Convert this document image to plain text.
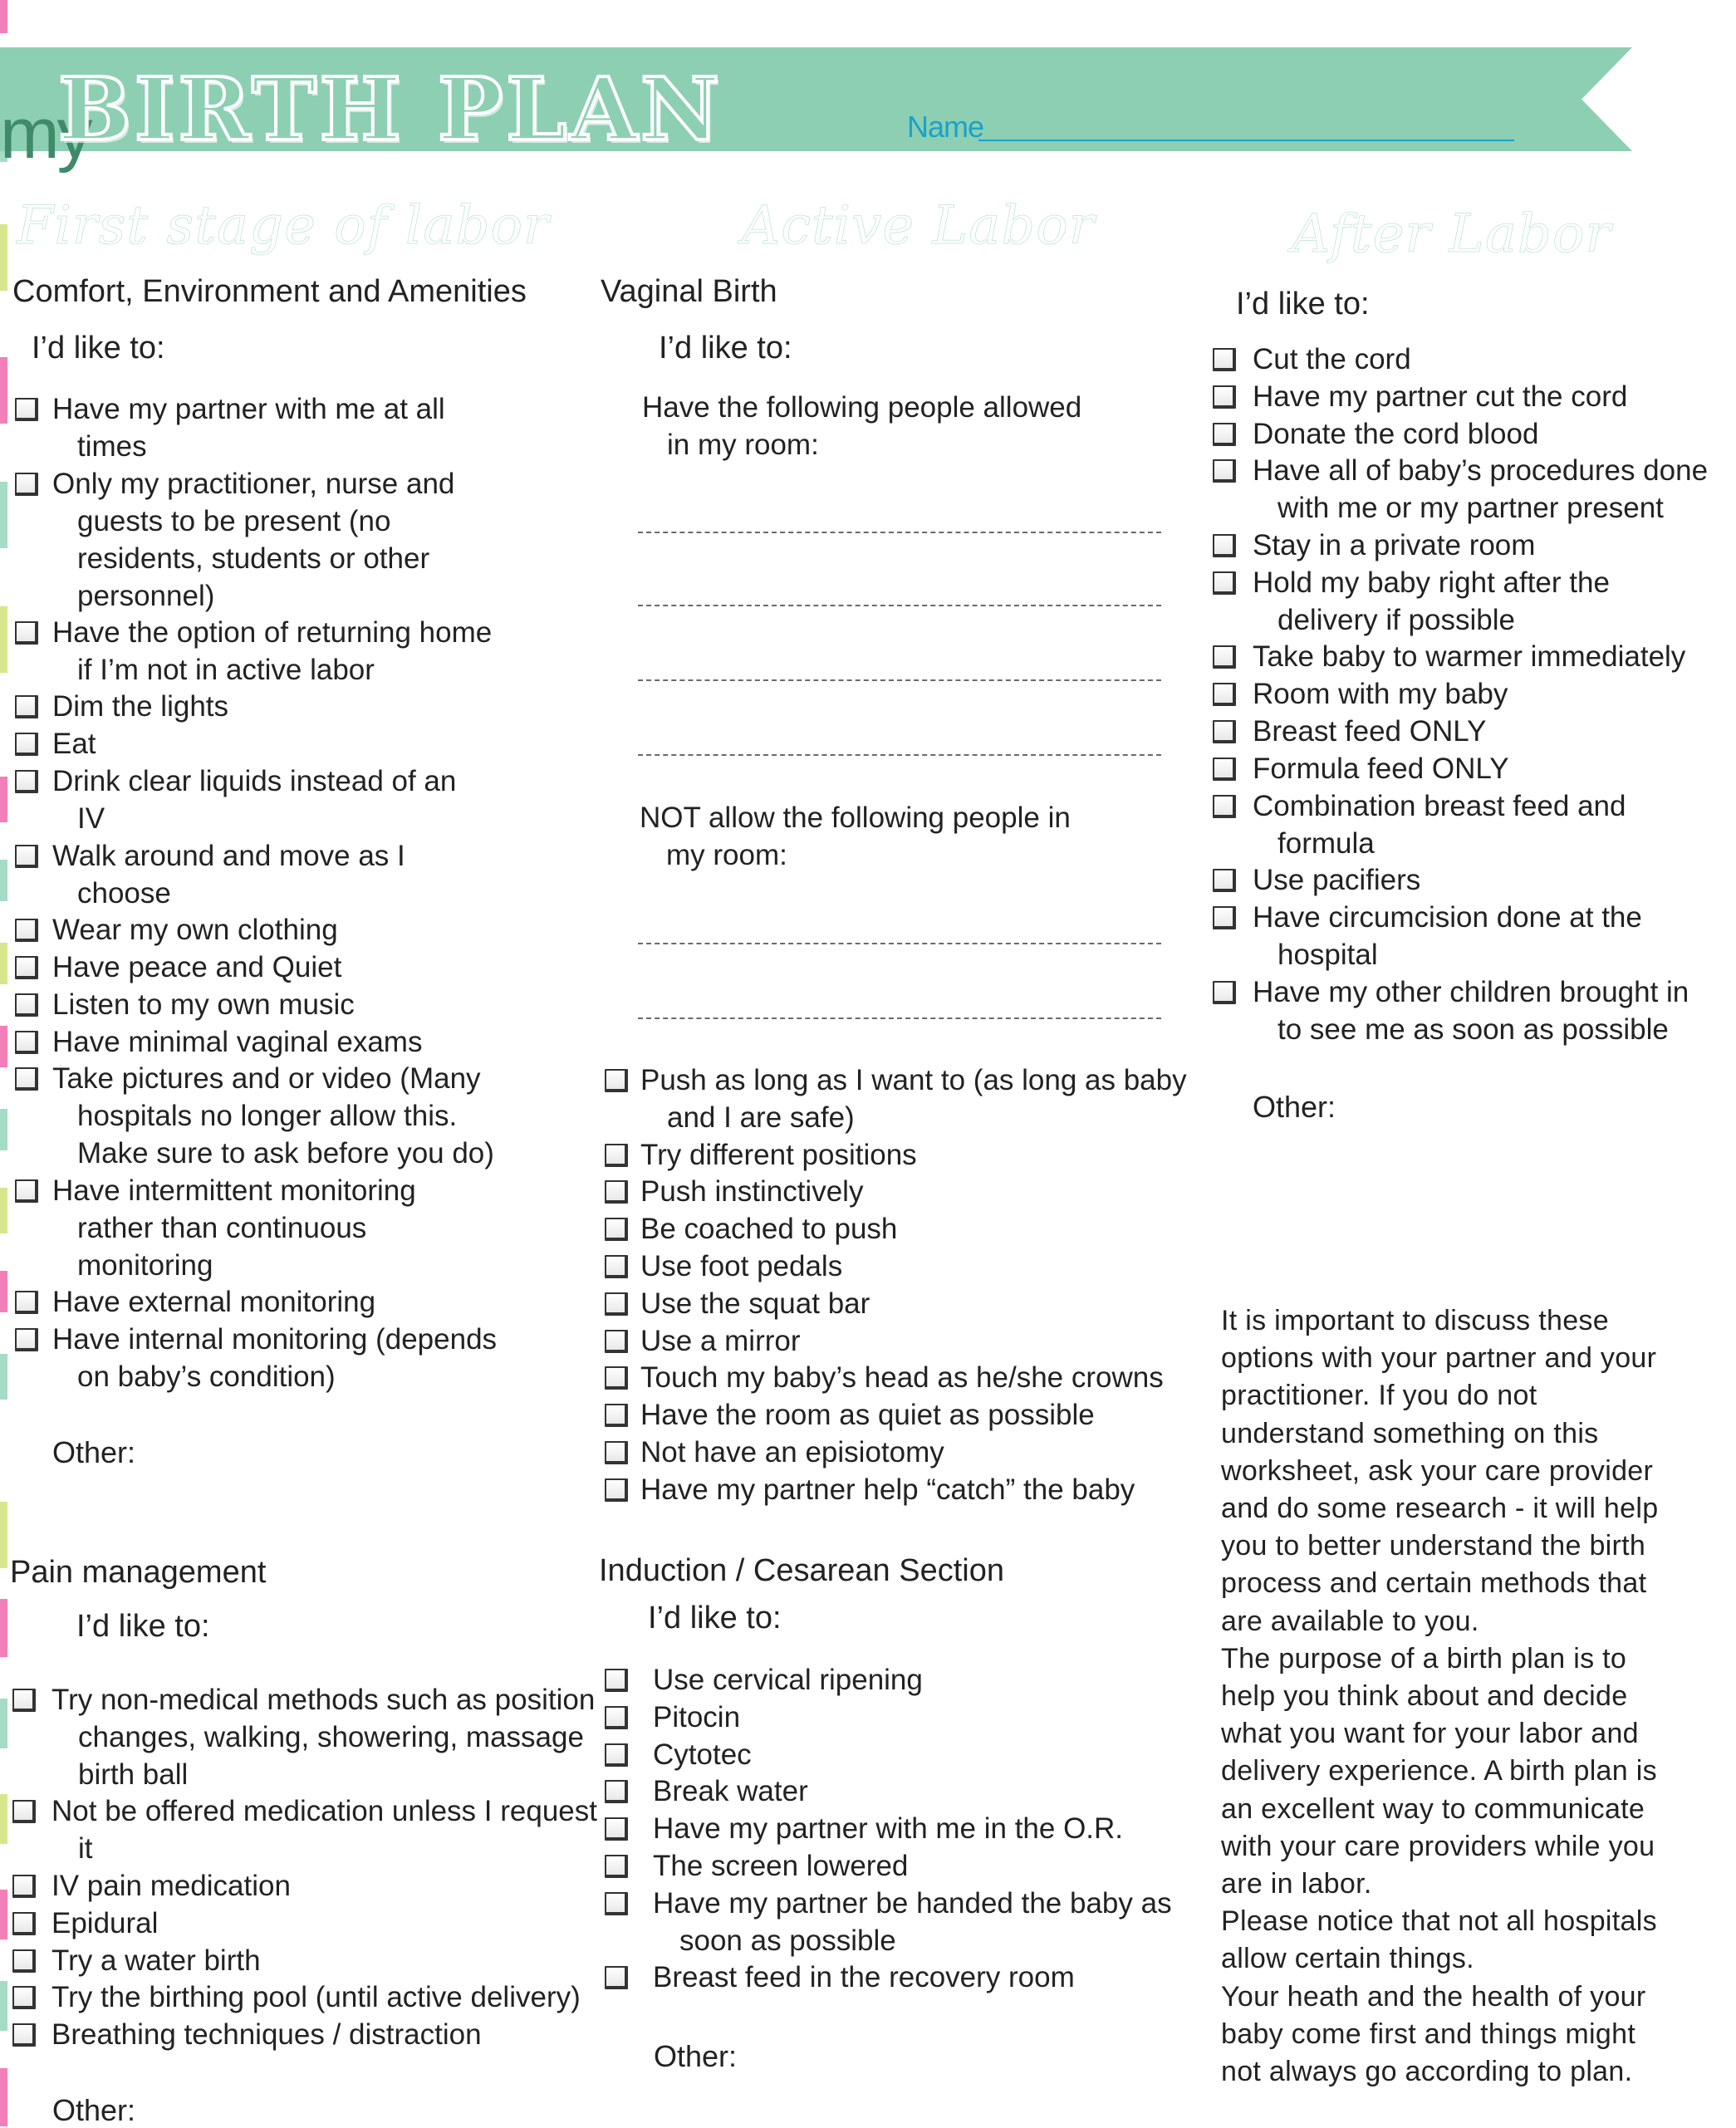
my
BIRTH PLAN	Name
First stage of labor	Active Labor	After Labor
Comfort, Environment and Amenities
I’d like to:
Have my partner with me at all
times
Only my practitioner, nurse and
guests to be present (no
residents, students or other
personnel)
Have the option of returning home
if I’m not in active labor
Dim the lights
Eat
Drink clear liquids instead of an
IV
Walk around and move as I
choose
Wear my own clothing
Have peace and Quiet
Listen to my own music
Have minimal vaginal exams
Take pictures and or video (Many
hospitals no longer allow this.
Make sure to ask before you do)
Have intermittent monitoring
rather than continuous
monitoring
Have external monitoring
Have internal monitoring (depends
on baby’s condition)
Other:
Pain management
I’d like to:
Try non-medical methods such as position
changes, walking, showering, massage
birth ball
Not be offered medication unless I request
it
IV pain medication
Epidural
Try a water birth
Try the birthing pool (until active delivery)
Breathing techniques / distraction
Other:
Vaginal Birth
I’d like to:
Have the following people allowed
in my room:
NOT allow the following people in
my room:
Push as long as I want to (as long as baby
and I are safe)
Try different positions
Push instinctively
Be coached to push
Use foot pedals
Use the squat bar
Use a mirror
Touch my baby’s head as he/she crowns
Have the room as quiet as possible
Not have an episiotomy
Have my partner help “catch” the baby
Induction / Cesarean Section
I’d like to:
Use cervical ripening
Pitocin
Cytotec
Break water
Have my partner with me in the O.R.
The screen lowered
Have my partner be handed the baby as
soon as possible
Breast feed in the recovery room
Other:
I’d like to:
Cut the cord
Have my partner cut the cord
Donate the cord blood
Have all of baby’s procedures done
with me or my partner present
Stay in a private room
Hold my baby right after the
delivery if possible
Take baby to warmer immediately
Room with my baby
Breast feed ONLY
Formula feed ONLY
Combination breast feed and
formula
Use pacifiers
Have circumcision done at the
hospital
Have my other children brought in
to see me as soon as possible
Other:
It is important to discuss these
options with your partner and your
practitioner. If you do not
understand something on this
worksheet, ask your care provider
and do some research - it will help
you to better understand the birth
process and certain methods that
are available to you.
The purpose of a birth plan is to
help you think about and decide
what you want for your labor and
delivery experience. A birth plan is
an excellent way to communicate
with your care providers while you
are in labor.
Please notice that not all hospitals
allow certain things.
Your heath and the health of your
baby come first and things might
not always go according to plan.
